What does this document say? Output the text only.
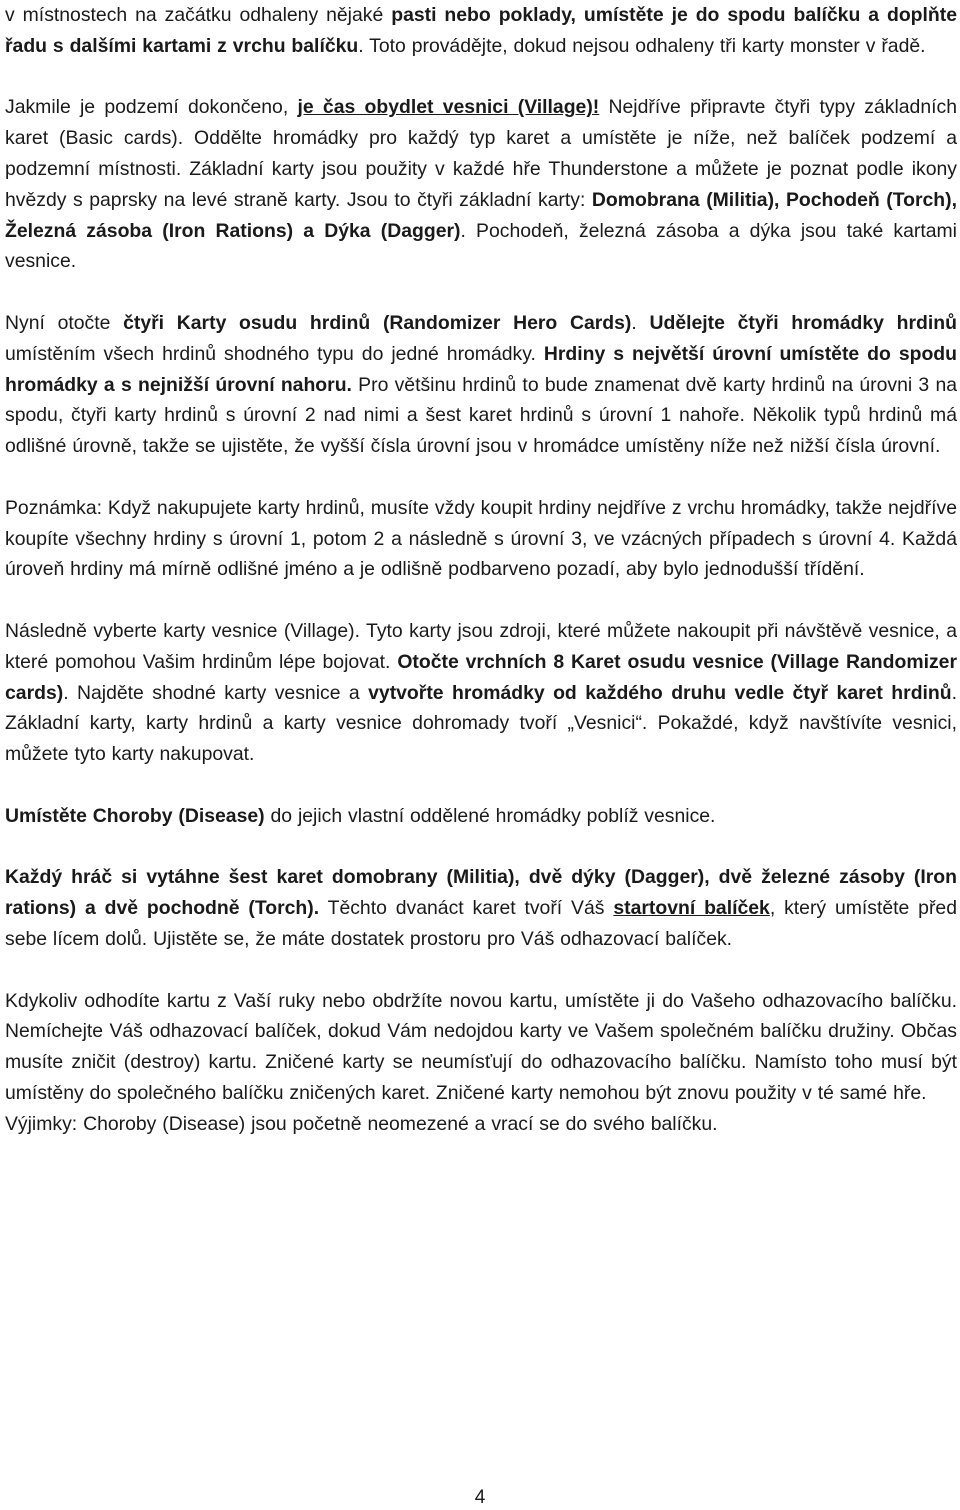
v místnostech na začátku odhaleny nějaké pasti nebo poklady, umístěte je do spodu balíčku a doplňte řadu s dalšími kartami z vrchu balíčku. Toto provádějte, dokud nejsou odhaleny tři karty monster v řadě.

Jakmile je podzemí dokončeno, je čas obydlet vesnici (Village)! Nejdříve připravte čtyři typy základních karet (Basic cards). Oddělte hromádky pro každý typ karet a umístěte je níže, než balíček podzemí a podzemní místnosti. Základní karty jsou použity v každé hře Thunderstone a můžete je poznat podle ikony hvězdy s paprsky na levé straně karty. Jsou to čtyři základní karty: Domobrana (Militia), Pochodeň (Torch), Železná zásoba (Iron Rations) a Dýka (Dagger). Pochodeň, železná zásoba a dýka jsou také kartami vesnice.

Nyní otočte čtyři Karty osudu hrdinů (Randomizer Hero Cards). Udělejte čtyři hromádky hrdinů umístěním všech hrdinů shodného typu do jedné hromádky. Hrdiny s největší úrovní umístěte do spodu hromádky a s nejnižší úrovní nahoru. Pro většinu hrdinů to bude znamenat dvě karty hrdinů na úrovni 3 na spodu, čtyři karty hrdinů s úrovní 2 nad nimi a šest karet hrdinů s úrovní 1 nahoře. Několik typů hrdinů má odlišné úrovně, takže se ujistěte, že vyšší čísla úrovní jsou v hromádce umístěny níže než nižší čísla úrovní.

Poznámka: Když nakupujete karty hrdinů, musíte vždy koupit hrdiny nejdříve z vrchu hromádky, takže nejdříve koupíte všechny hrdiny s úrovní 1, potom 2 a následně s úrovní 3, ve vzácných případech s úrovní 4. Každá úroveň hrdiny má mírně odlišné jméno a je odlišně podbarveno pozadí, aby bylo jednodušší třídění.

Následně vyberte karty vesnice (Village). Tyto karty jsou zdroji, které můžete nakoupit při návštěvě vesnice, a které pomohou Vašim hrdinům lépe bojovat. Otočte vrchních 8 Karet osudu vesnice (Village Randomizer cards). Najděte shodné karty vesnice a vytvořte hromádky od každého druhu vedle čtyř karet hrdinů. Základní karty, karty hrdinů a karty vesnice dohromady tvoří „Vesnici“. Pokaždé, když navštívíte vesnici, můžete tyto karty nakupovat.

Umístěte Choroby (Disease) do jejich vlastní oddělené hromádky poblíž vesnice.

Každý hráč si vytáhne šest karet domobrany (Militia), dvě dýky (Dagger), dvě železné zásoby (Iron rations) a dvě pochodně (Torch). Těchto dvanáct karet tvoří Váš startovní balíček, který umístěte před sebe lícem dolů. Ujistěte se, že máte dostatek prostoru pro Váš odhazovací balíček.

Kdykoliv odhodíte kartu z Vaší ruky nebo obdržíte novou kartu, umístěte ji do Vašeho odhazovacího balíčku. Nemíchejte Váš odhazovací balíček, dokud Vám nedojdou karty ve Vašem společném balíčku družiny. Občas musíte zničit (destroy) kartu. Zničené karty se neumísťují do odhazovacího balíčku. Namísto toho musí být umístěny do společného balíčku zničených karet. Zničené karty nemohou být znovu použity v té samé hře.

Výjimky: Choroby (Disease) jsou početně neomezené a vrací se do svého balíčku.

4
